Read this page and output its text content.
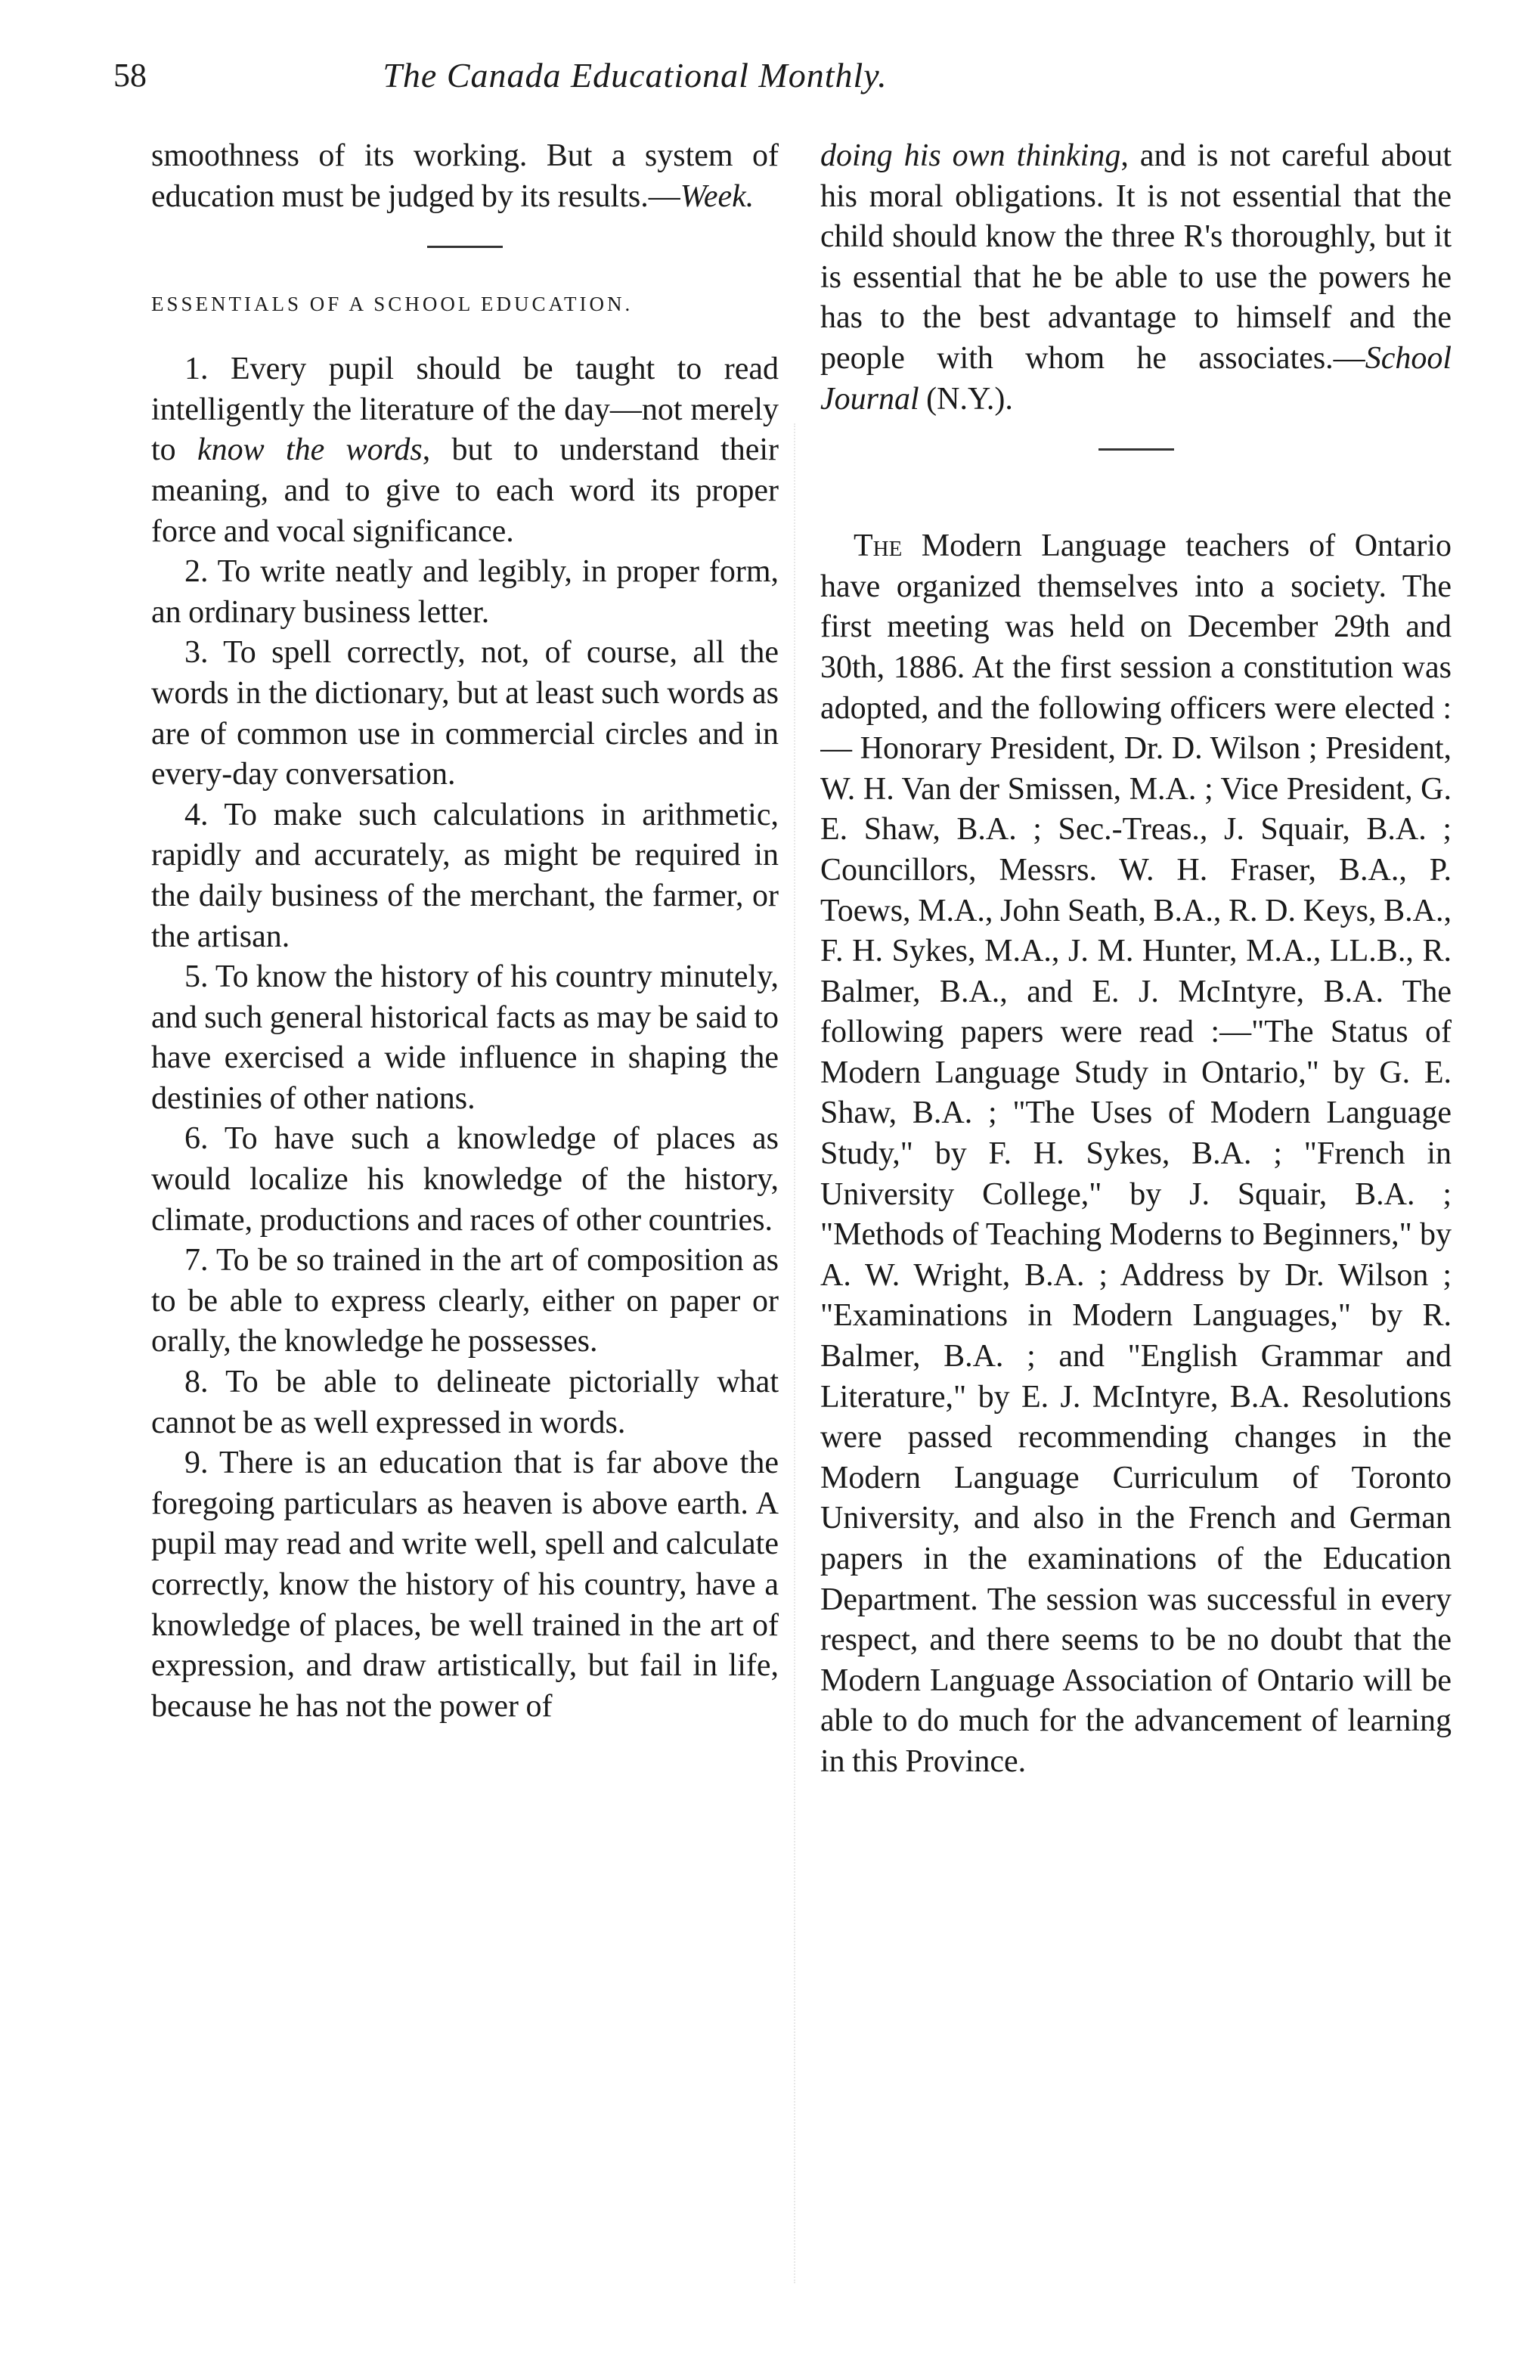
58	The Canada Educational Monthly.

smoothness of its working. But a system of education must be judged by its results.—Week.

ESSENTIALS OF A SCHOOL EDUCATION.

1. Every pupil should be taught to read intelligently the literature of the day—not merely to know the words, but to understand their meaning, and to give to each word its proper force and vocal significance.

2. To write neatly and legibly, in proper form, an ordinary business letter.

3. To spell correctly, not, of course, all the words in the dictionary, but at least such words as are of common use in commercial circles and in every-day conversation.

4. To make such calculations in arithmetic, rapidly and accurately, as might be required in the daily business of the merchant, the farmer, or the artisan.

5. To know the history of his country minutely, and such general historical facts as may be said to have exercised a wide influence in shaping the destinies of other nations.

6. To have such a knowledge of places as would localize his knowledge of the history, climate, productions and races of other countries.

7. To be so trained in the art of composition as to be able to express clearly, either on paper or orally, the knowledge he possesses.

8. To be able to delineate pictorially what cannot be as well expressed in words.

9. There is an education that is far above the foregoing particulars as heaven is above earth. A pupil may read and write well, spell and calculate correctly, know the history of his country, have a knowledge of places, be well trained in the art of expression, and draw artistically, but fail in life, because he has not the power of

doing his own thinking, and is not careful about his moral obligations. It is not essential that the child should know the three R's thoroughly, but it is essential that he be able to use the powers he has to the best advantage to himself and the people with whom he associates.—School Journal (N.Y.).

The Modern Language teachers of Ontario have organized themselves into a society. The first meeting was held on December 29th and 30th, 1886. At the first session a constitution was adopted, and the following officers were elected : — Honorary President, Dr. D. Wilson ; President, W. H. Van der Smissen, M.A. ; Vice President, G. E. Shaw, B.A. ; Sec.-Treas., J. Squair, B.A. ; Councillors, Messrs. W. H. Fraser, B.A., P. Toews, M.A., John Seath, B.A., R. D. Keys, B.A., F. H. Sykes, M.A., J. M. Hunter, M.A., LL.B., R. Balmer, B.A., and E. J. McIntyre, B.A. The following papers were read :—"The Status of Modern Language Study in Ontario," by G. E. Shaw, B.A. ; "The Uses of Modern Language Study," by F. H. Sykes, B.A. ; "French in University College," by J. Squair, B.A. ; "Methods of Teaching Moderns to Beginners," by A. W. Wright, B.A. ; Address by Dr. Wilson ; "Examinations in Modern Languages," by R. Balmer, B.A. ; and "English Grammar and Literature," by E. J. McIntyre, B.A. Resolutions were passed recommending changes in the Modern Language Curriculum of Toronto University, and also in the French and German papers in the examinations of the Education Department. The session was successful in every respect, and there seems to be no doubt that the Modern Language Association of Ontario will be able to do much for the advancement of learning in this Province.
